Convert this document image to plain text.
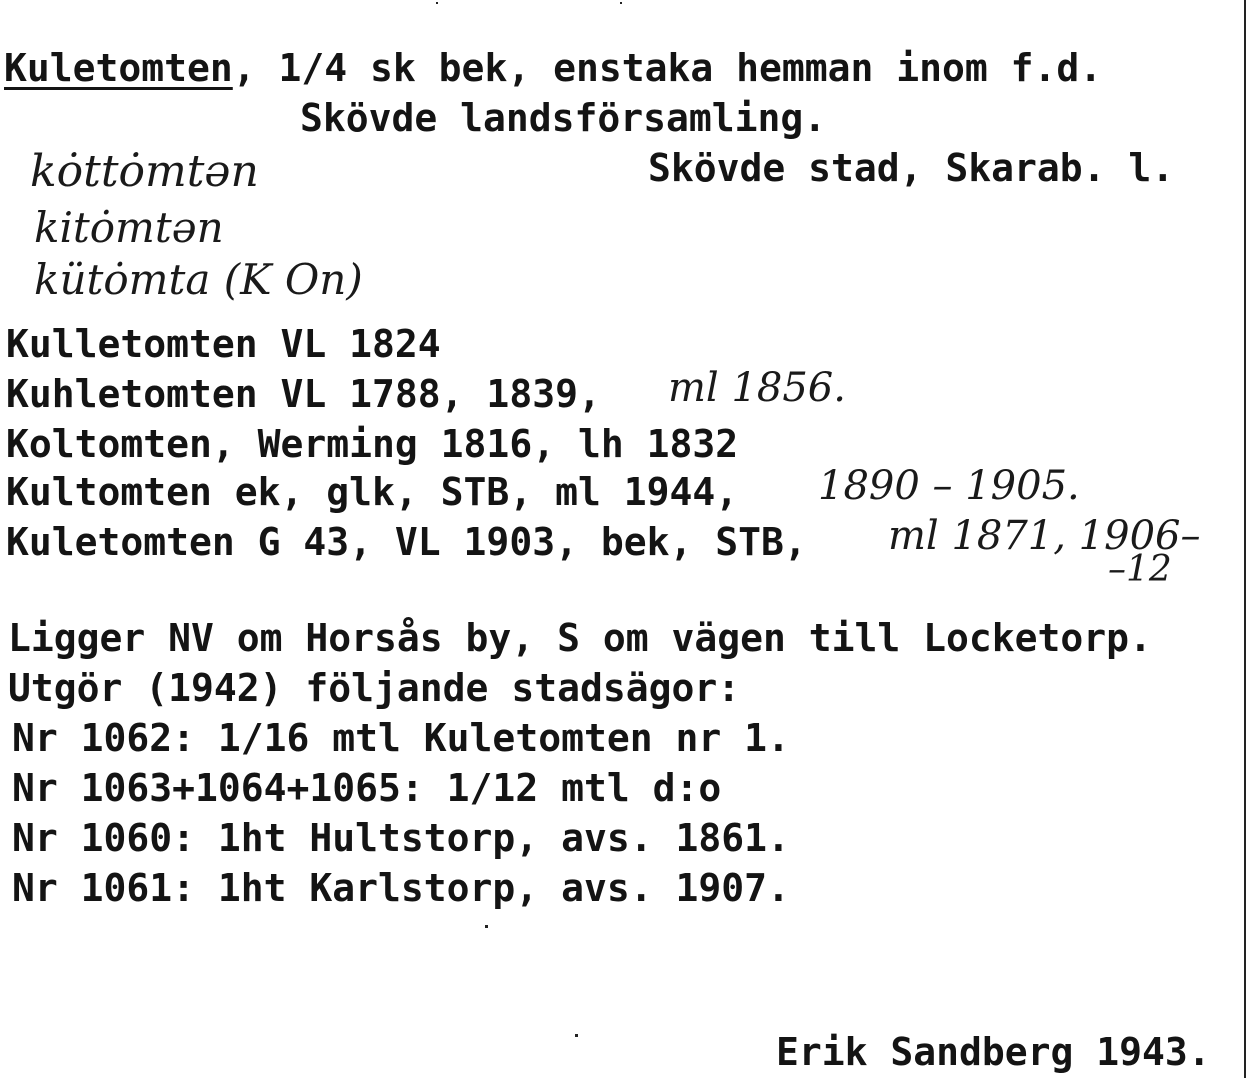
Kuletomten, 1/4 sk bek, enstaka hemman inom f.d.
Skövde landsförsamling.
Skövde stad, Skarab. l.
kȯttȯmtən
kitȯmtən
kütȯmta (K On)
Kulletomten VL 1824
Kuhletomten VL 1788, 1839, ml 1856.
Koltomten, Werming 1816, lh 1832
Kultomten ek, glk, STB, ml 1944, 1890 – 1905.
Kuletomten G 43, VL 1903, bek, STB, ml 1871, 1906–
–12
Ligger NV om Horsås by, S om vägen till Locketorp.
Utgör (1942) följande stadsägor:
Nr 1062: 1/16 mtl Kuletomten nr 1.
Nr 1063+1064+1065: 1/12 mtl d:o
Nr 1060: 1ht Hultstorp, avs. 1861.
Nr 1061: 1ht Karlstorp, avs. 1907.
Erik Sandberg 1943.
